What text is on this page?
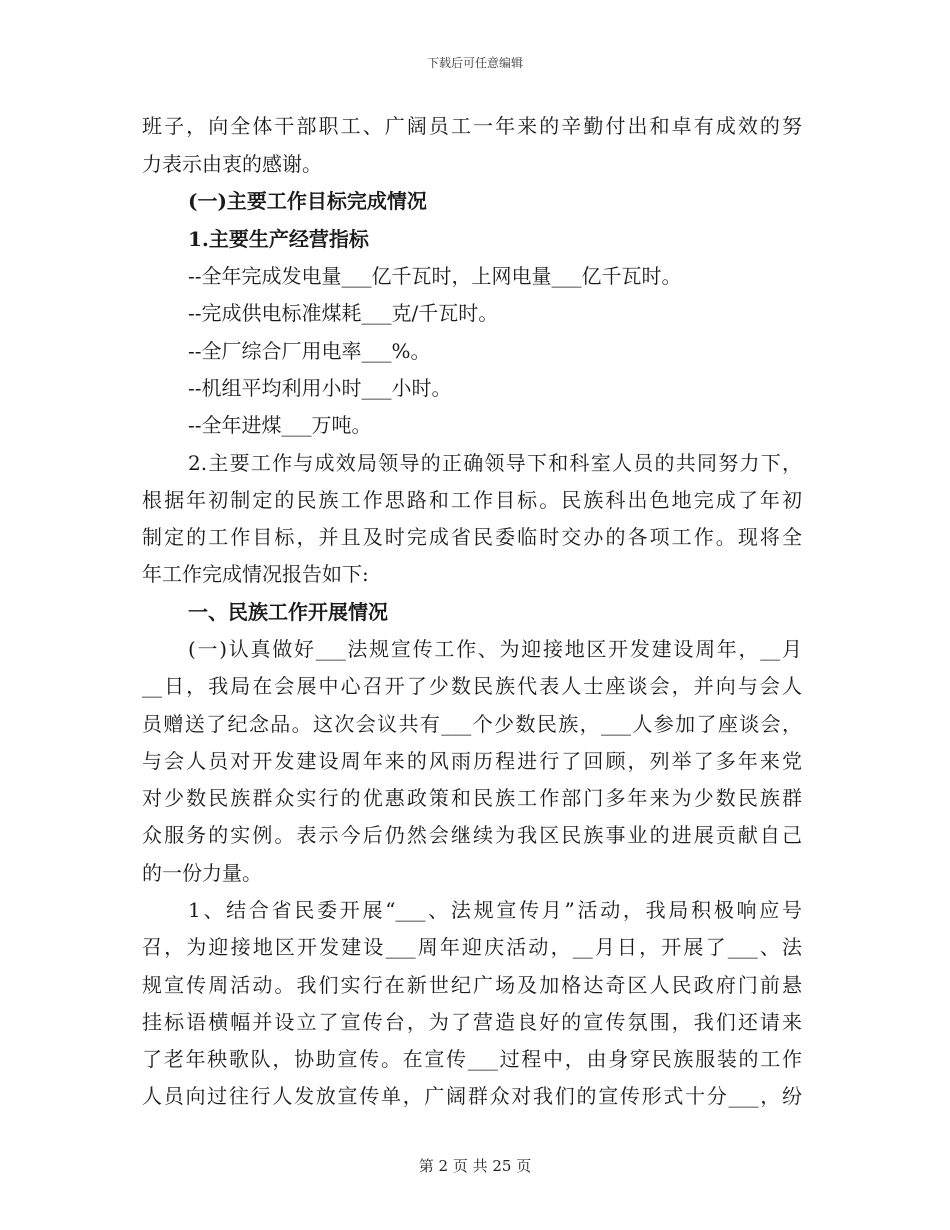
下载后可任意编辑
班子，向全体干部职工、广阔员工一年来的辛勤付出和卓有成效的努
力表示由衷的感谢。
(一)主要工作目标完成情况
1.主要生产经营指标
--全年完成发电量___亿千瓦时，上网电量___亿千瓦时。
--完成供电标准煤耗___克/千瓦时。
--全厂综合厂用电率___%。
--机组平均利用小时___小时。
--全年进煤___万吨。
2.主要工作与成效局领导的正确领导下和科室人员的共同努力下，
根据年初制定的民族工作思路和工作目标。民族科出色地完成了年初
制定的工作目标，并且及时完成省民委临时交办的各项工作。现将全
年工作完成情况报告如下:
一、民族工作开展情况
(一)认真做好___法规宣传工作、为迎接地区开发建设周年，__月
__日，我局在会展中心召开了少数民族代表人士座谈会，并向与会人
员赠送了纪念品。这次会议共有___个少数民族，___人参加了座谈会，
与会人员对开发建设周年来的风雨历程进行了回顾，列举了多年来党
对少数民族群众实行的优惠政策和民族工作部门多年来为少数民族群
众服务的实例。表示今后仍然会继续为我区民族事业的进展贡献自己
的一份力量。
1、结合省民委开展“___、法规宣传月”活动，我局积极响应号
召，为迎接地区开发建设___周年迎庆活动，__月日，开展了___、法
规宣传周活动。我们实行在新世纪广场及加格达奇区人民政府门前悬
挂标语横幅并设立了宣传台，为了营造良好的宣传氛围，我们还请来
了老年秧歌队，协助宣传。在宣传___过程中，由身穿民族服装的工作
人员向过往行人发放宣传单，广阔群众对我们的宣传形式十分___，纷
第 2 页 共 25 页
